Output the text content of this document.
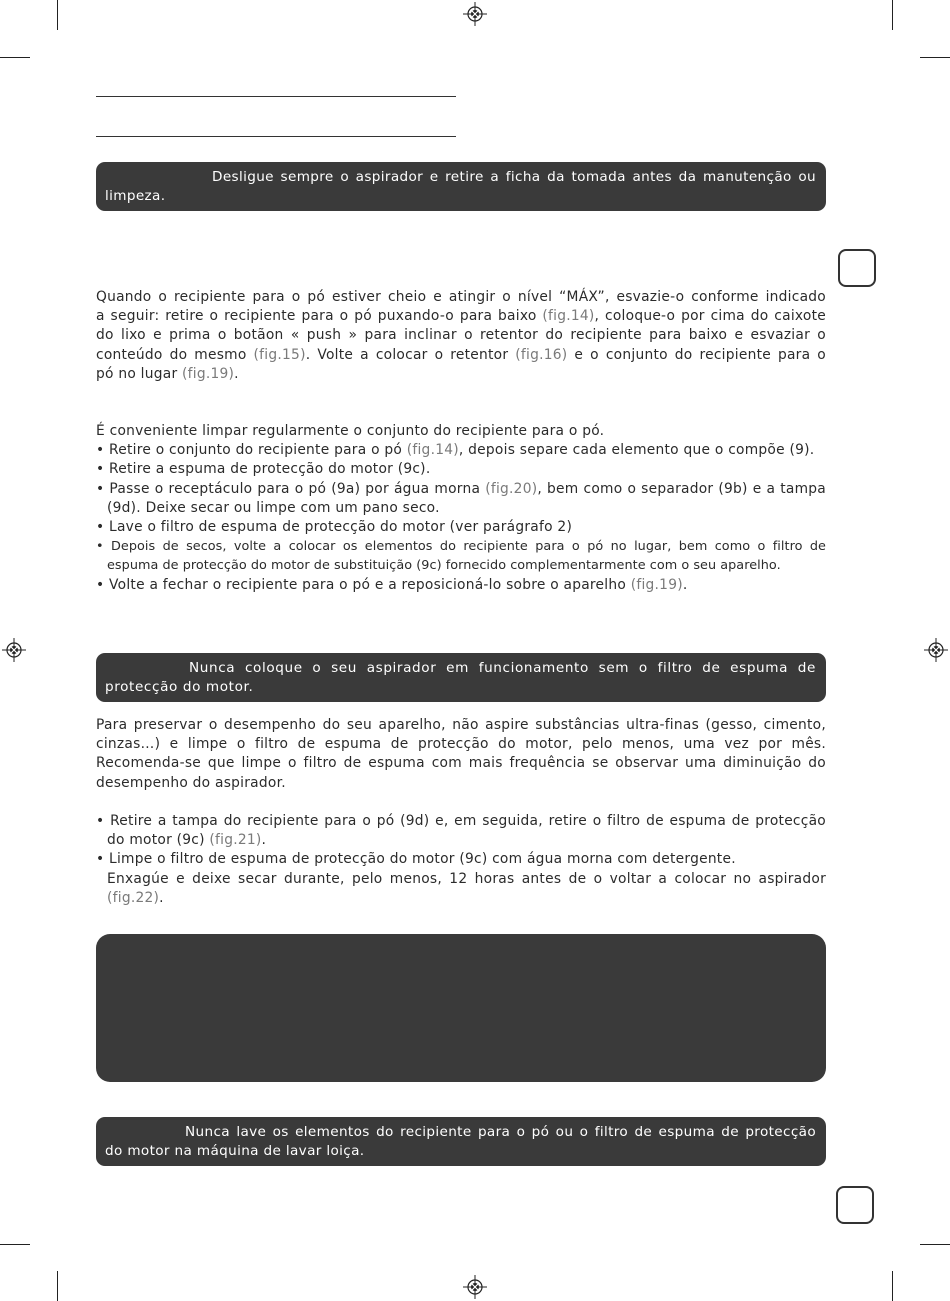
Desligue sempre o aspirador e retire a ficha da tomada antes da manutenção ou limpeza.
Quando o recipiente para o pó estiver cheio e atingir o nível “MÁX”, esvazie-o conforme indicado
a seguir: retire o recipiente para o pó puxando-o para baixo (fig.14), coloque-o por cima do caixote
do lixo e prima o botãon « push » para inclinar o retentor do recipiente para baixo e esvaziar o
conteúdo do mesmo (fig.15). Volte a colocar o retentor (fig.16) e o conjunto do recipiente para o
pó no lugar (fig.19).
É conveniente limpar regularmente o conjunto do recipiente para o pó.
• Retire o conjunto do recipiente para o pó (fig.14), depois separe cada elemento que o compõe (9).
• Retire a espuma de protecção do motor (9c).
• Passe o receptáculo para o pó (9a) por água morna (fig.20), bem como o separador (9b) e a tampa
(9d). Deixe secar ou limpe com um pano seco.
• Lave o filtro de espuma de protecção do motor (ver parágrafo 2)
• Depois de secos, volte a colocar os elementos do recipiente para o pó no lugar, bem como o filtro de
espuma de protecção do motor de substituição (9c) fornecido complementarmente com o seu aparelho.
• Volte a fechar o recipiente para o pó e a reposicioná-lo sobre o aparelho (fig.19).
Nunca coloque o seu aspirador em funcionamento sem o filtro de espuma de
protecção do motor.
Para preservar o desempenho do seu aparelho, não aspire substâncias ultra-finas (gesso, cimento, cinzas…) e limpe o filtro de espuma de protecção do motor, pelo menos, uma vez por mês. Recomenda-se que limpe o filtro de espuma com mais frequência se observar uma diminuição do desempenho do aspirador.
• Retire a tampa do recipiente para o pó (9d) e, em seguida, retire o filtro de espuma de protecção
do motor (9c) (fig.21).
• Limpe o filtro de espuma de protecção do motor (9c) com água morna com detergente.
Enxagúe e deixe secar durante, pelo menos, 12 horas antes de o voltar a colocar no aspirador
(fig.22).
Nunca lave os elementos do recipiente para o pó ou o filtro de espuma de protecção
do motor na máquina de lavar loiça.
